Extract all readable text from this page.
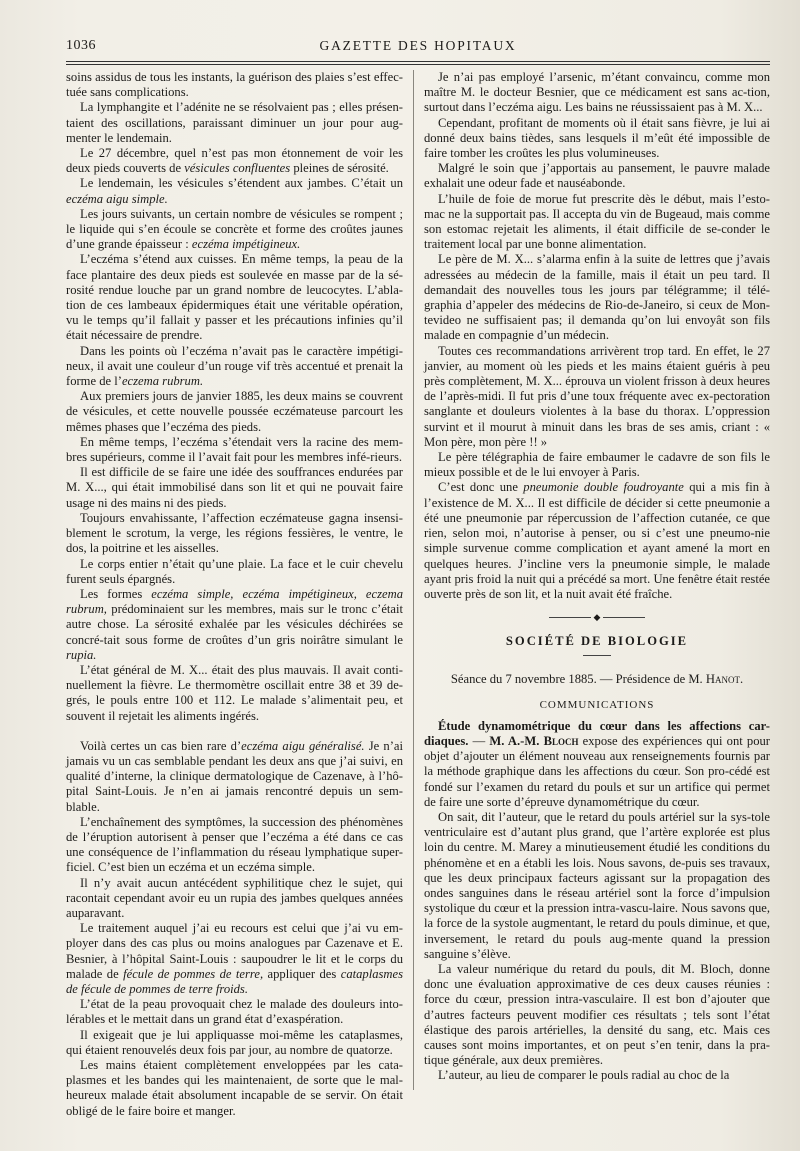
1036	GAZETTE DES HOPITAUX

soins assidus de tous les instants, la guérison des plaies s’est effec-tuée sans complications.

La lymphangite et l’adénite ne se résolvaient pas ; elles présen-taient des oscillations, paraissant diminuer un jour pour aug-menter le lendemain.

Le 27 décembre, quel n’est pas mon étonnement de voir les deux pieds couverts de vésicules confluentes pleines de sérosité.

Le lendemain, les vésicules s’étendent aux jambes. C’était un eczéma aigu simple.

Les jours suivants, un certain nombre de vésicules se rompent ; le liquide qui s’en écoule se concrète et forme des croûtes jaunes d’une grande épaisseur : eczéma impétigineux.

L’eczéma s’étend aux cuisses. En même temps, la peau de la face plantaire des deux pieds est soulevée en masse par de la sé-rosité rendue louche par un grand nombre de leucocytes. L’abla-tion de ces lambeaux épidermiques était une véritable opération, vu le temps qu’il fallait y passer et les précautions infinies qu’il était nécessaire de prendre.

Dans les points où l’eczéma n’avait pas le caractère impétigi-neux, il avait une couleur d’un rouge vif très accentué et prenait la forme de l’eczema rubrum.

Aux premiers jours de janvier 1885, les deux mains se couvrent de vésicules, et cette nouvelle poussée eczémateuse parcourt les mêmes phases que l’eczéma des pieds.

En même temps, l’eczéma s’étendait vers la racine des mem-bres supérieurs, comme il l’avait fait pour les membres infé-rieurs.

Il est difficile de se faire une idée des souffrances endurées par M. X..., qui était immobilisé dans son lit et qui ne pouvait faire usage ni des mains ni des pieds.

Toujours envahissante, l’affection eczémateuse gagna insensi-blement le scrotum, la verge, les régions fessières, le ventre, le dos, la poitrine et les aisselles.

Le corps entier n’était qu’une plaie. La face et le cuir chevelu furent seuls épargnés.

Les formes eczéma simple, eczéma impétigineux, eczema rubrum, prédominaient sur les membres, mais sur le tronc c’était autre chose. La sérosité exhalée par les vésicules déchirées se concré-tait sous forme de croûtes d’un gris noirâtre simulant le rupia.

L’état général de M. X... était des plus mauvais. Il avait conti-nuellement la fièvre. Le thermomètre oscillait entre 38 et 39 de-grés, le pouls entre 100 et 112. Le malade s’alimentait peu, et souvent il rejetait les aliments ingérés.

Voilà certes un cas bien rare d’eczéma aigu généralisé. Je n’ai jamais vu un cas semblable pendant les deux ans que j’ai suivi, en qualité d’interne, la clinique dermatologique de Cazenave, à l’hô-pital Saint-Louis. Je n’en ai jamais rencontré depuis un sem-blable.

L’enchaînement des symptômes, la succession des phénomènes de l’éruption autorisent à penser que l’eczéma a été dans ce cas une conséquence de l’inflammation du réseau lymphatique super-ficiel. C’est bien un eczéma et un eczéma simple.

Il n’y avait aucun antécédent syphilitique chez le sujet, qui racontait cependant avoir eu un rupia des jambes quelques années auparavant.

Le traitement auquel j’ai eu recours est celui que j’ai vu em-ployer dans des cas plus ou moins analogues par Cazenave et E. Besnier, à l’hôpital Saint-Louis : saupoudrer le lit et le corps du malade de fécule de pommes de terre, appliquer des cataplasmes de fécule de pommes de terre froids.

L’état de la peau provoquait chez le malade des douleurs into-lérables et le mettait dans un grand état d’exaspération.

Il exigeait que je lui appliquasse moi-même les cataplasmes, qui étaient renouvelés deux fois par jour, au nombre de quatorze.

Les mains étaient complètement enveloppées par les cata-plasmes et les bandes qui les maintenaient, de sorte que le mal-heureux malade était absolument incapable de se servir. On était obligé de le faire boire et manger.

Je n’ai pas employé l’arsenic, m’étant convaincu, comme mon maître M. le docteur Besnier, que ce médicament est sans ac-tion, surtout dans l’eczéma aigu. Les bains ne réussissaient pas à M. X...

Cependant, profitant de moments où il était sans fièvre, je lui ai donné deux bains tièdes, sans lesquels il m’eût été impossible de faire tomber les croûtes les plus volumineuses.

Malgré le soin que j’apportais au pansement, le pauvre malade exhalait une odeur fade et nauséabonde.

L’huile de foie de morue fut prescrite dès le début, mais l’esto-mac ne la supportait pas. Il accepta du vin de Bugeaud, mais comme son estomac rejetait les aliments, il était difficile de se-conder le traitement local par une bonne alimentation.

Le père de M. X... s’alarma enfin à la suite de lettres que j’avais adressées au médecin de la famille, mais il était un peu tard. Il demandait des nouvelles tous les jours par télégramme; il télé-graphia d’appeler des médecins de Rio-de-Janeiro, si ceux de Mon-tevideo ne suffisaient pas; il demanda qu’on lui envoyât son fils malade en compagnie d’un médecin.

Toutes ces recommandations arrivèrent trop tard. En effet, le 27 janvier, au moment où les pieds et les mains étaient guéris à peu près complètement, M. X... éprouva un violent frisson à deux heures de l’après-midi. Il fut pris d’une toux fréquente avec ex-pectoration sanglante et douleurs violentes à la base du thorax. L’oppression survint et il mourut à minuit dans les bras de ses amis, criant : « Mon père, mon père !! »

Le père télégraphia de faire embaumer le cadavre de son fils le mieux possible et de le lui envoyer à Paris.

C’est donc une pneumonie double foudroyante qui a mis fin à l’existence de M. X... Il est difficile de décider si cette pneumonie a été une pneumonie par répercussion de l’affection cutanée, ce que rien, selon moi, n’autorise à penser, ou si c’est une pneumo-nie simple survenue comme complication et ayant amené la mort en quelques heures. J’incline vers la pneumonie simple, le malade ayant pris froid la nuit qui a précédé sa mort. Une fenêtre était restée ouverte près de son lit, et la nuit avait été fraîche.

◆
SOCIÉTÉ DE BIOLOGIE
Séance du 7 novembre 1885. — Présidence de M. Hanot.
COMMUNICATIONS

Étude dynamométrique du cœur dans les affections car-diaques. — M. A.-M. Bloch expose des expériences qui ont pour objet d’ajouter un élément nouveau aux renseignements fournis par la méthode graphique dans les affections du cœur. Son pro-cédé est fondé sur l’examen du retard du pouls et sur un artifice qui permet de faire une sorte d’épreuve dynamométrique du cœur.

On sait, dit l’auteur, que le retard du pouls artériel sur la sys-tole ventriculaire est d’autant plus grand, que l’artère explorée est plus loin du centre. M. Marey a minutieusement étudié les conditions du phénomène et en a établi les lois. Nous savons, de-puis ses travaux, que les deux principaux facteurs agissant sur la propagation des ondes sanguines dans le réseau artériel sont la force d’impulsion systolique du cœur et la pression intra-vascu-laire. Nous savons que, la force de la systole augmentant, le retard du pouls diminue, et que, inversement, le retard du pouls aug-mente quand la pression sanguine s’élève.

La valeur numérique du retard du pouls, dit M. Bloch, donne donc une évaluation approximative de ces deux causes réunies : force du cœur, pression intra-vasculaire. Il est bon d’ajouter que d’autres facteurs peuvent modifier ces résultats ; tels sont l’état élastique des parois artérielles, la densité du sang, etc. Mais ces causes sont moins importantes, et on peut s’en tenir, dans la pra-tique générale, aux deux premières.

L’auteur, au lieu de comparer le pouls radial au choc de la
